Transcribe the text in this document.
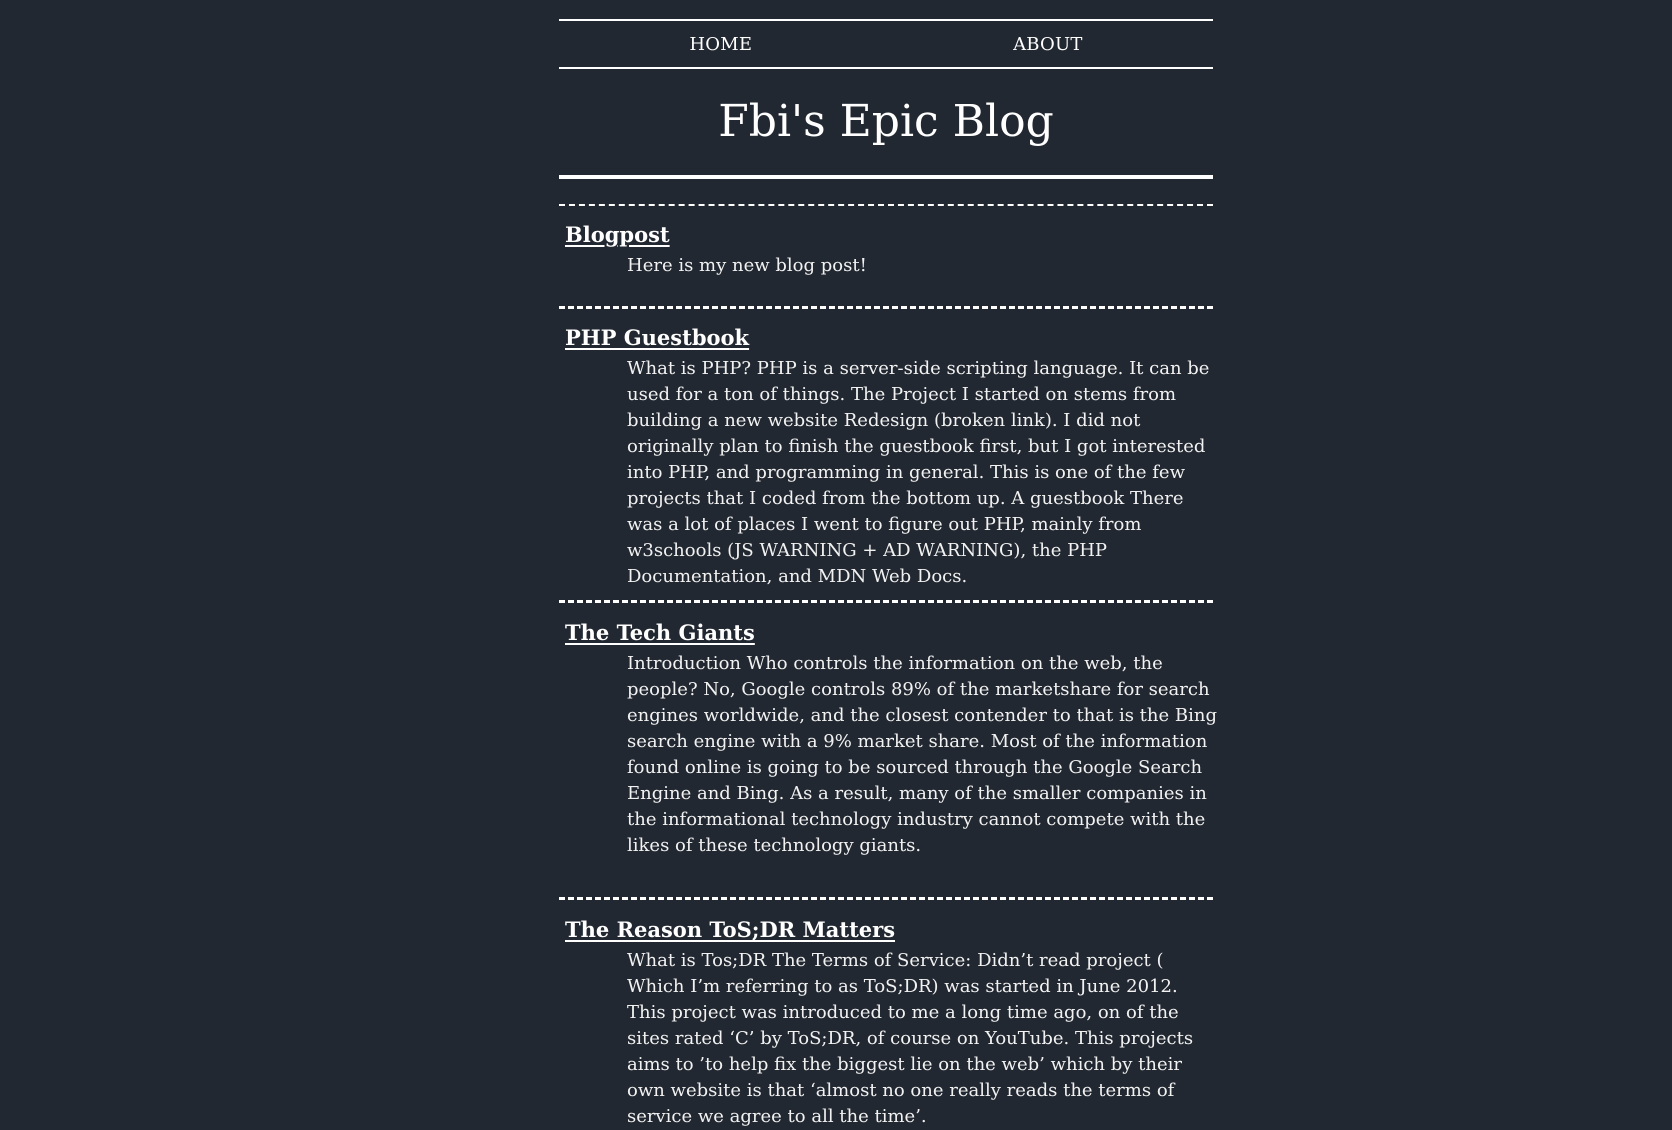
HOME	ABOUT
Fbi's Epic Blog
Blogpost

Here is my new blog post!

PHP Guestbook

What is PHP? PHP is a server-side scripting language. It can be used for a ton of things. The Project I started on stems from building a new website Redesign (broken link). I did not originally plan to finish the guestbook first, but I got interested into PHP, and programming in general. This is one of the few projects that I coded from the bottom up. A guestbook There was a lot of places I went to figure out PHP, mainly from w3schools (JS WARNING + AD WARNING), the PHP Documentation, and MDN Web Docs.

The Tech Giants

Introduction Who controls the information on the web, the people? No, Google controls 89% of the marketshare for search engines worldwide, and the closest contender to that is the Bing search engine with a 9% market share. Most of the information found online is going to be sourced through the Google Search Engine and Bing. As a result, many of the smaller companies in the informational technology industry cannot compete with the likes of these technology giants.

The Reason ToS;DR Matters

What is Tos;DR The Terms of Service: Didn’t read project ( Which I’m referring to as ToS;DR) was started in June 2012. This project was introduced to me a long time ago, on of the sites rated ‘C’ by ToS;DR, of course on YouTube. This projects aims to ’to help fix the biggest lie on the web’ which by their own website is that ‘almost no one really reads the terms of service we agree to all the time’.
